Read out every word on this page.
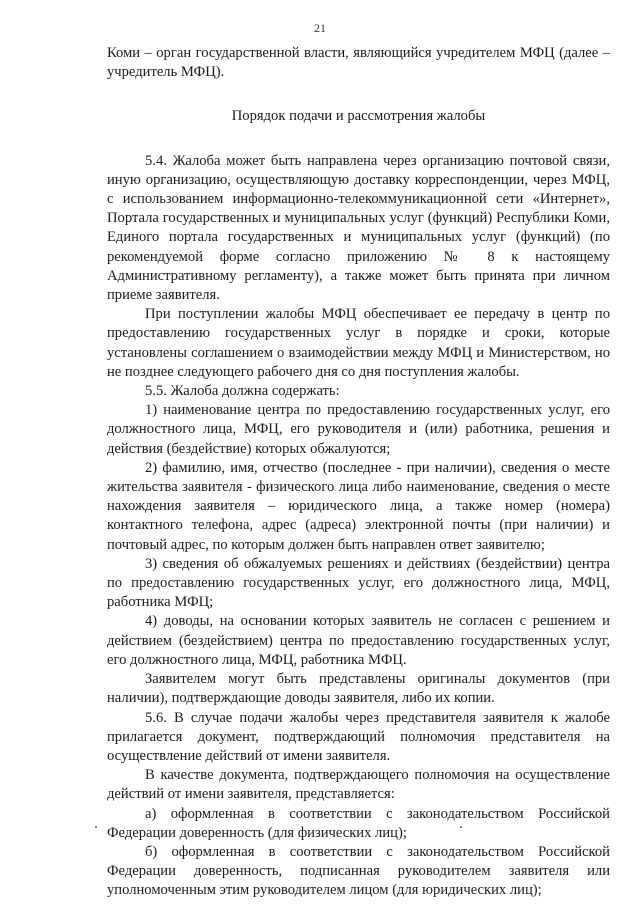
21

Коми – орган государственной власти, являющийся учредителем МФЦ (далее – учредитель МФЦ).

Порядок подачи и рассмотрения жалобы

5.4. Жалоба может быть направлена через организацию почтовой связи, иную организацию, осуществляющую доставку корреспонденции, через МФЦ, с использованием информационно-телекоммуникационной сети «Интернет», Портала государственных и муниципальных услуг (функций) Республики Коми, Единого портала государственных и муниципальных услуг (функций) (по рекомендуемой форме согласно приложению № 8 к настоящему Административному регламенту), а также может быть принята при личном приеме заявителя.

При поступлении жалобы МФЦ обеспечивает ее передачу в центр по предоставлению государственных услуг в порядке и сроки, которые установлены соглашением о взаимодействии между МФЦ и Министерством, но не позднее следующего рабочего дня со дня поступления жалобы.

5.5. Жалоба должна содержать:

1) наименование центра по предоставлению государственных услуг, его должностного лица, МФЦ, его руководителя и (или) работника, решения и действия (бездействие) которых обжалуются;

2) фамилию, имя, отчество (последнее - при наличии), сведения о месте жительства заявителя - физического лица либо наименование, сведения о месте нахождения заявителя – юридического лица, а также номер (номера) контактного телефона, адрес (адреса) электронной почты (при наличии) и почтовый адрес, по которым должен быть направлен ответ заявителю;

3) сведения об обжалуемых решениях и действиях (бездействии) центра по предоставлению государственных услуг, его должностного лица, МФЦ, работника МФЦ;

4) доводы, на основании которых заявитель не согласен с решением и действием (бездействием) центра по предоставлению государственных услуг, его должностного лица, МФЦ, работника МФЦ.

Заявителем могут быть представлены оригиналы документов (при наличии), подтверждающие доводы заявителя, либо их копии.

5.6. В случае подачи жалобы через представителя заявителя к жалобе прилагается документ, подтверждающий полномочия представителя на осуществление действий от имени заявителя.

В качестве документа, подтверждающего полномочия на осуществление действий от имени заявителя, представляется:

а) оформленная в соответствии с законодательством Российской Федерации доверенность (для физических лиц);

б) оформленная в соответствии с законодательством Российской Федерации доверенность, подписанная руководителем заявителя или уполномоченным этим руководителем лицом (для юридических лиц);
